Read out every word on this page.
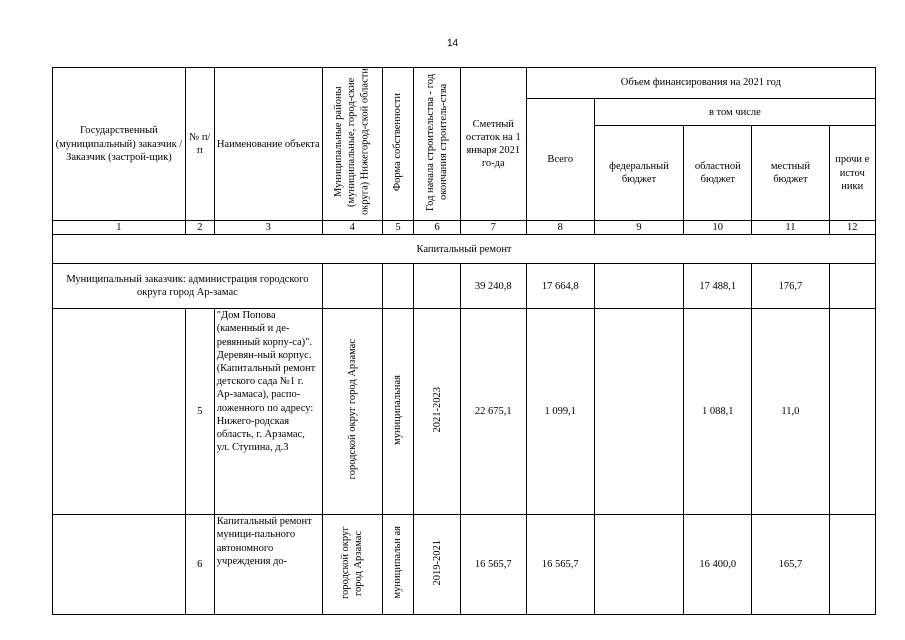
14
Государственный (муниципальный) заказчик / Заказчик (застрой-щик)	№ п/п	Наименование объекта	Муниципальные районы (муниципальные, город-ские округа) Нижегород-ской области	Форма собственности	Год начала строительства - год окончания строитель-ства	Сметный остаток на 1 января 2021 го-да	Объем финансирования на 2021 год				
							Всего	в том числе			
								федеральный бюджет	областной бюджет	местный бюджет	прочи е источ ники
1	2	3	4	5	6	7	8	9	10	11	12
Капитальный ремонт											
Муниципальный заказчик: администрация городского округа город Ар-замас						39 240,8	17 664,8		17 488,1	176,7	
	5	"Дом Попова (каменный и де-ревянный корпу-са)". Деревян-ный корпус. (Капитальный ремонт детского сада №1 г. Ар-замаса), распо-ложенного по адресу: Нижего-родская область, г. Арзамас, ул. Ступина, д.3	городской округ город Арзамас	муниципальная	2021-2023	22 675,1	1 099,1		1 088,1	11,0	
	6	Капитальный ремонт муници-пального автономного учреждения до-	городской округ город Арзамас	муниципальн ая	2019-2021	16 565,7	16 565,7		16 400,0	165,7	
